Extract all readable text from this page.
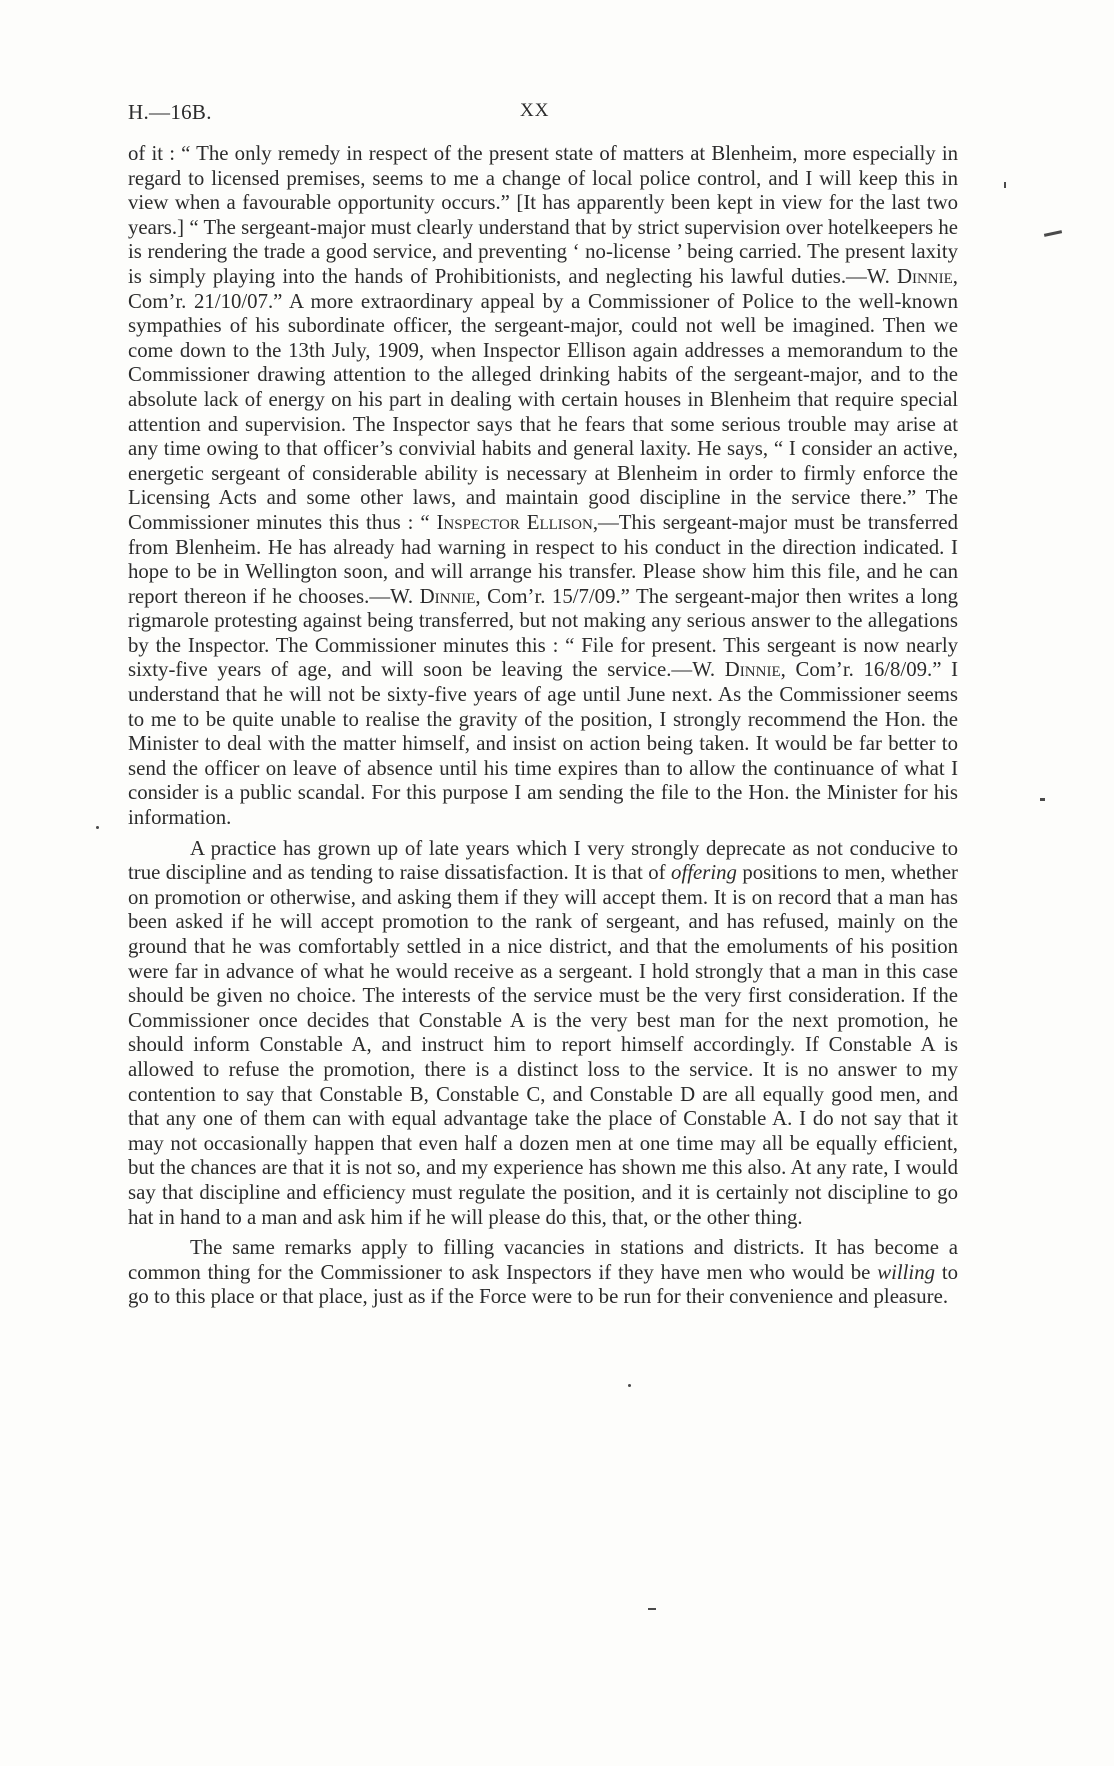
H.—16B.	XX

of it : “ The only remedy in respect of the present state of matters at Blenheim, more especially in regard to licensed premises, seems to me a change of local police control, and I will keep this in view when a favourable opportunity occurs.” [It has apparently been kept in view for the last two years.] “ The sergeant-major must clearly understand that by strict supervision over hotelkeepers he is rendering the trade a good service, and preventing ‘ no-license ’ being carried. The present laxity is simply playing into the hands of Prohibitionists, and neglecting his lawful duties.—W. Dinnie, Com’r. 21/10/07.” A more extraordinary appeal by a Commissioner of Police to the well-known sympathies of his subordinate officer, the sergeant-major, could not well be imagined. Then we come down to the 13th July, 1909, when Inspector Ellison again addresses a memorandum to the Commissioner drawing attention to the alleged drinking habits of the sergeant-major, and to the absolute lack of energy on his part in dealing with certain houses in Blenheim that require special attention and supervision. The Inspector says that he fears that some serious trouble may arise at any time owing to that officer’s convivial habits and general laxity. He says, “ I consider an active, energetic sergeant of considerable ability is necessary at Blenheim in order to firmly enforce the Licensing Acts and some other laws, and maintain good discipline in the service there.” The Commissioner minutes this thus : “ Inspector Ellison,—This sergeant-major must be transferred from Blenheim. He has already had warning in respect to his conduct in the direction indicated. I hope to be in Wellington soon, and will arrange his transfer. Please show him this file, and he can report thereon if he chooses.—W. Dinnie, Com’r. 15/7/09.” The sergeant-major then writes a long rigmarole protesting against being transferred, but not making any serious answer to the allegations by the Inspector. The Commissioner minutes this : “ File for present. This sergeant is now nearly sixty-five years of age, and will soon be leaving the service.—W. Dinnie, Com’r. 16/8/09.” I understand that he will not be sixty-five years of age until June next. As the Commissioner seems to me to be quite unable to realise the gravity of the position, I strongly recommend the Hon. the Minister to deal with the matter himself, and insist on action being taken. It would be far better to send the officer on leave of absence until his time expires than to allow the continuance of what I consider is a public scandal. For this purpose I am sending the file to the Hon. the Minister for his information.

A practice has grown up of late years which I very strongly deprecate as not conducive to true discipline and as tending to raise dissatisfaction. It is that of offering positions to men, whether on promotion or otherwise, and asking them if they will accept them. It is on record that a man has been asked if he will accept promotion to the rank of sergeant, and has refused, mainly on the ground that he was comfortably settled in a nice district, and that the emoluments of his position were far in advance of what he would receive as a sergeant. I hold strongly that a man in this case should be given no choice. The interests of the service must be the very first consideration. If the Commissioner once decides that Constable A is the very best man for the next promotion, he should inform Constable A, and instruct him to report himself accordingly. If Constable A is allowed to refuse the promotion, there is a distinct loss to the service. It is no answer to my contention to say that Constable B, Constable C, and Constable D are all equally good men, and that any one of them can with equal advantage take the place of Constable A. I do not say that it may not occasionally happen that even half a dozen men at one time may all be equally efficient, but the chances are that it is not so, and my experience has shown me this also. At any rate, I would say that discipline and efficiency must regulate the position, and it is certainly not discipline to go hat in hand to a man and ask him if he will please do this, that, or the other thing.

The same remarks apply to filling vacancies in stations and districts. It has become a common thing for the Commissioner to ask Inspectors if they have men who would be willing to go to this place or that place, just as if the Force were to be run for their convenience and pleasure.
